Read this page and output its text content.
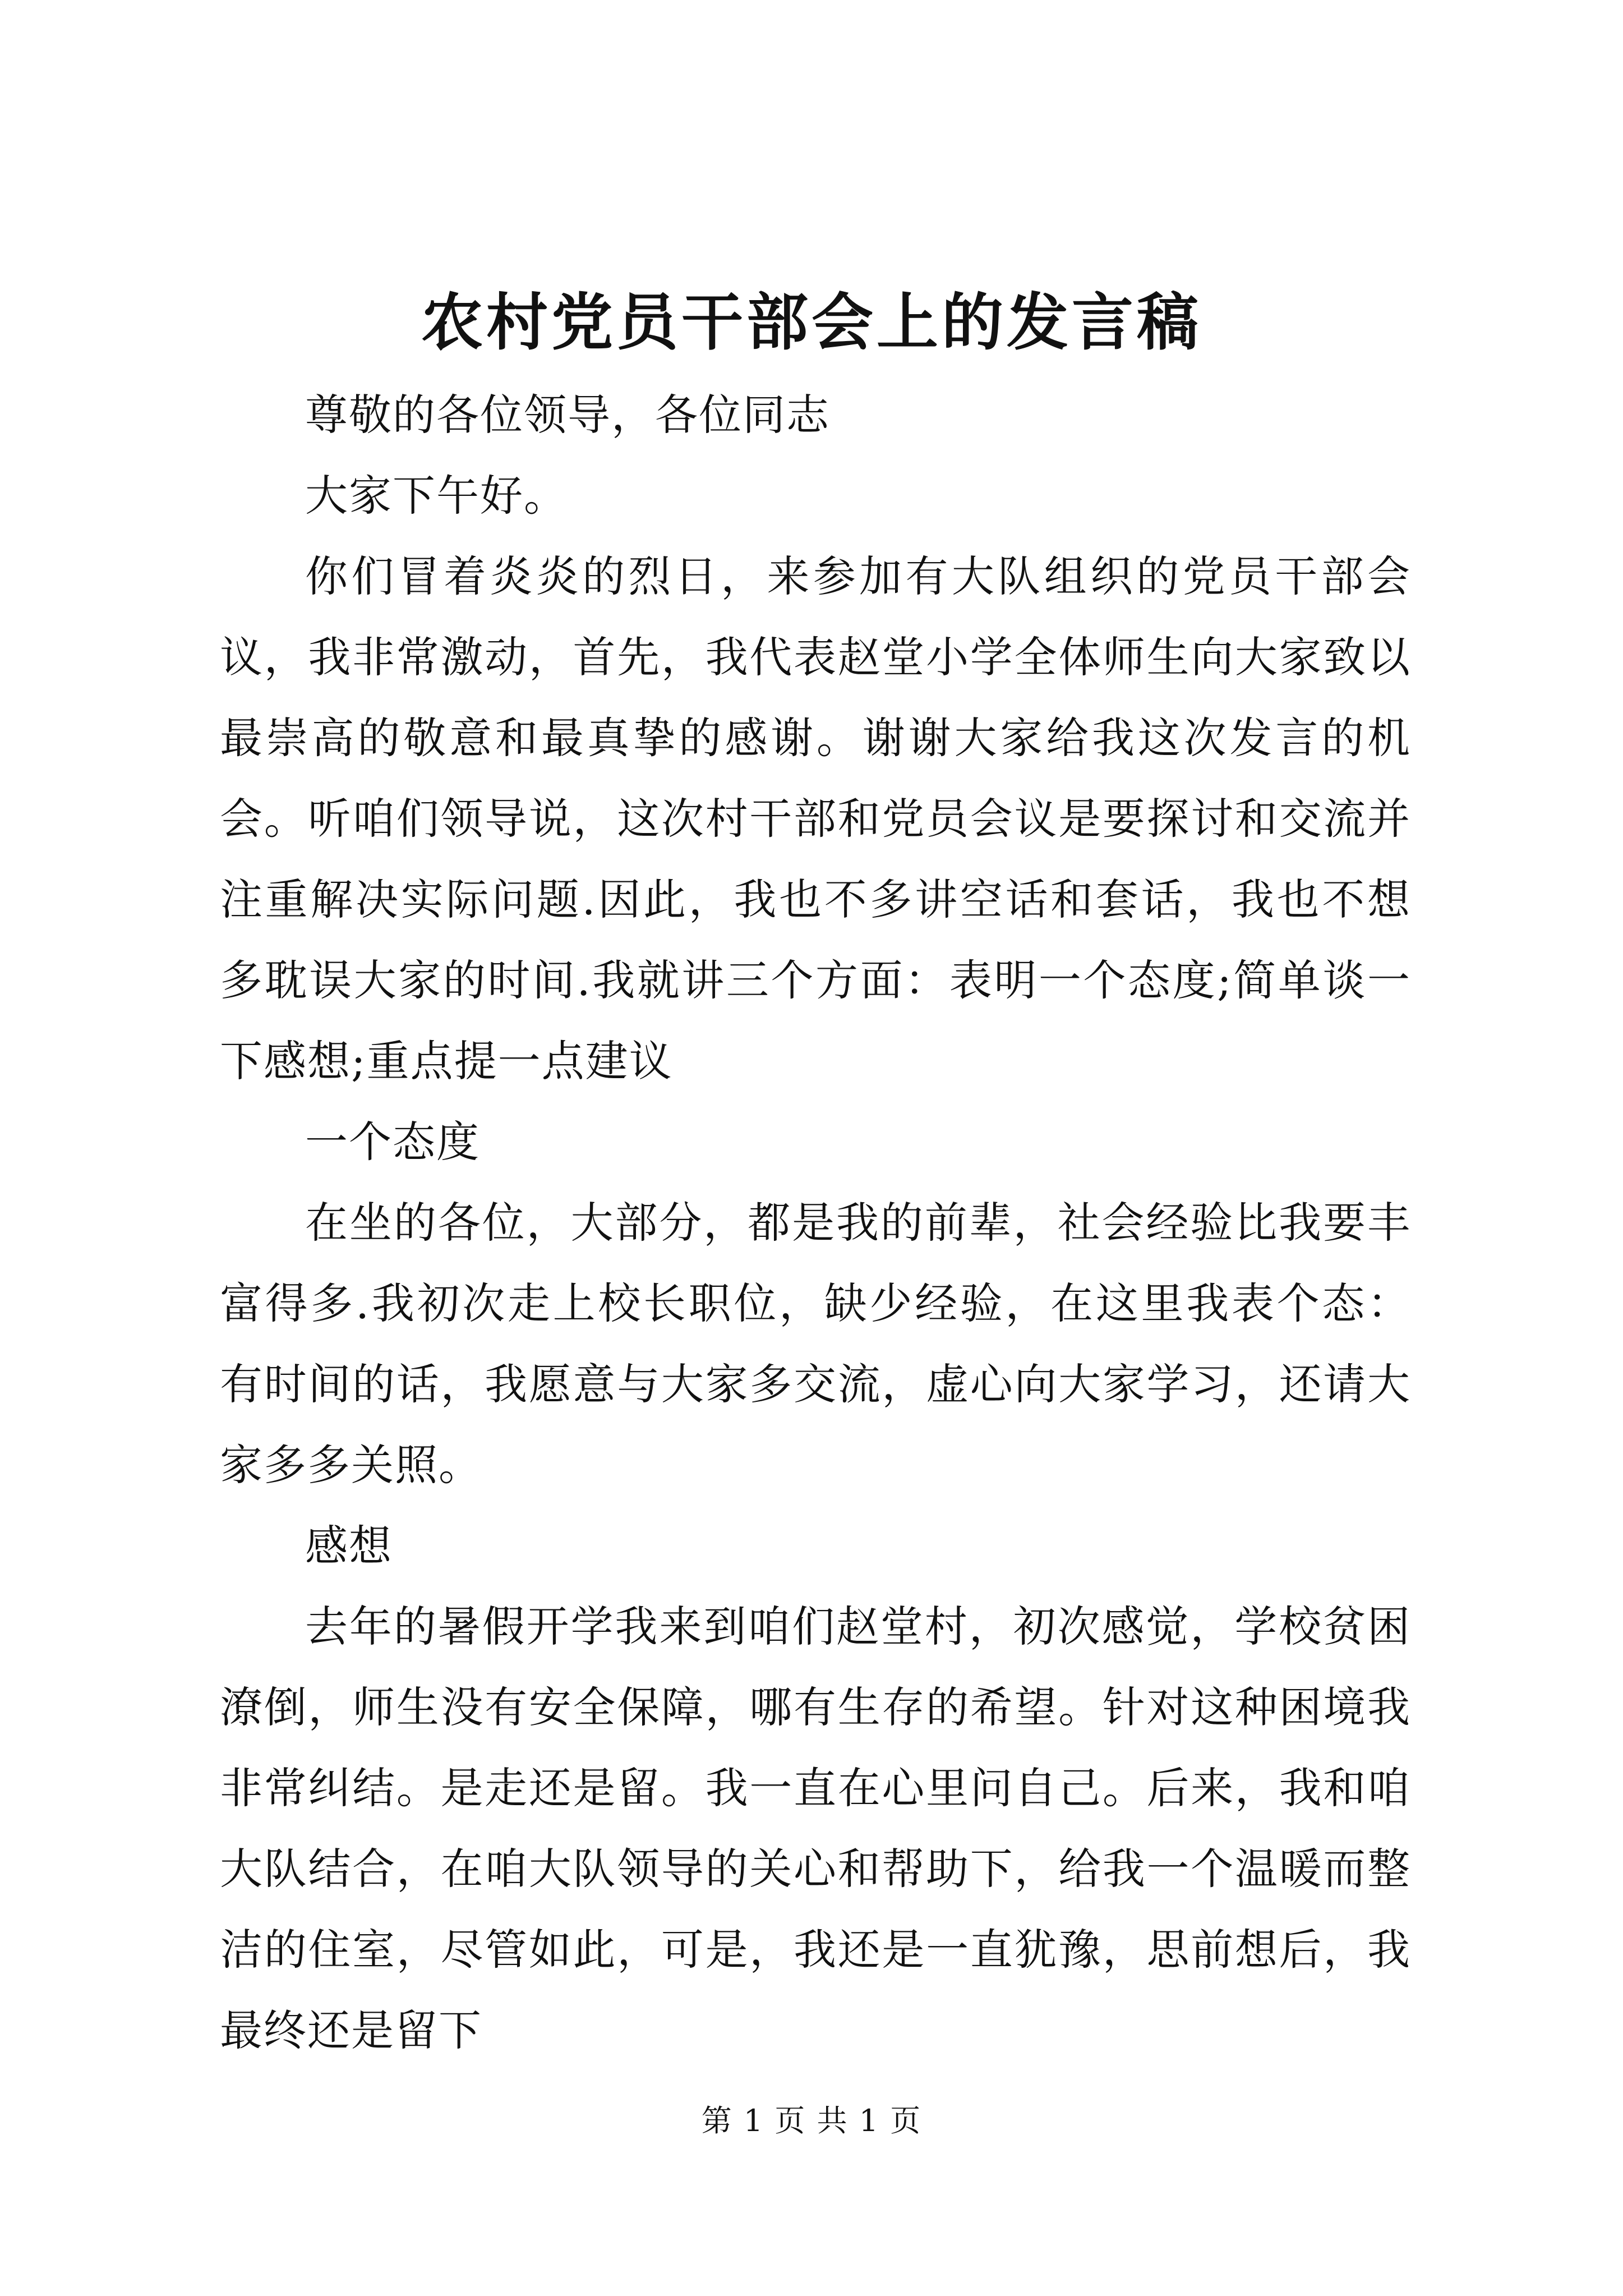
农村党员干部会上的发言稿

尊敬的各位领导，各位同志

大家下午好。

你们冒着炎炎的烈日，来参加有大队组织的党员干部会议，我非常激动，首先，我代表赵堂小学全体师生向大家致以最崇高的敬意和最真挚的感谢。谢谢大家给我这次发言的机会。听咱们领导说，这次村干部和党员会议是要探讨和交流并注重解决实际问题.因此，我也不多讲空话和套话，我也不想多耽误大家的时间.我就讲三个方面：表明一个态度;简单谈一下感想;重点提一点建议

一个态度

在坐的各位，大部分，都是我的前辈，社会经验比我要丰富得多.我初次走上校长职位，缺少经验，在这里我表个态：有时间的话，我愿意与大家多交流，虚心向大家学习，还请大家多多关照。

感想

去年的暑假开学我来到咱们赵堂村，初次感觉，学校贫困潦倒，师生没有安全保障，哪有生存的希望。针对这种困境我非常纠结。是走还是留。我一直在心里问自己。后来，我和咱大队结合，在咱大队领导的关心和帮助下，给我一个温暖而整洁的住室，尽管如此，可是，我还是一直犹豫，思前想后，我最终还是留下

第 1 页 共 1 页
